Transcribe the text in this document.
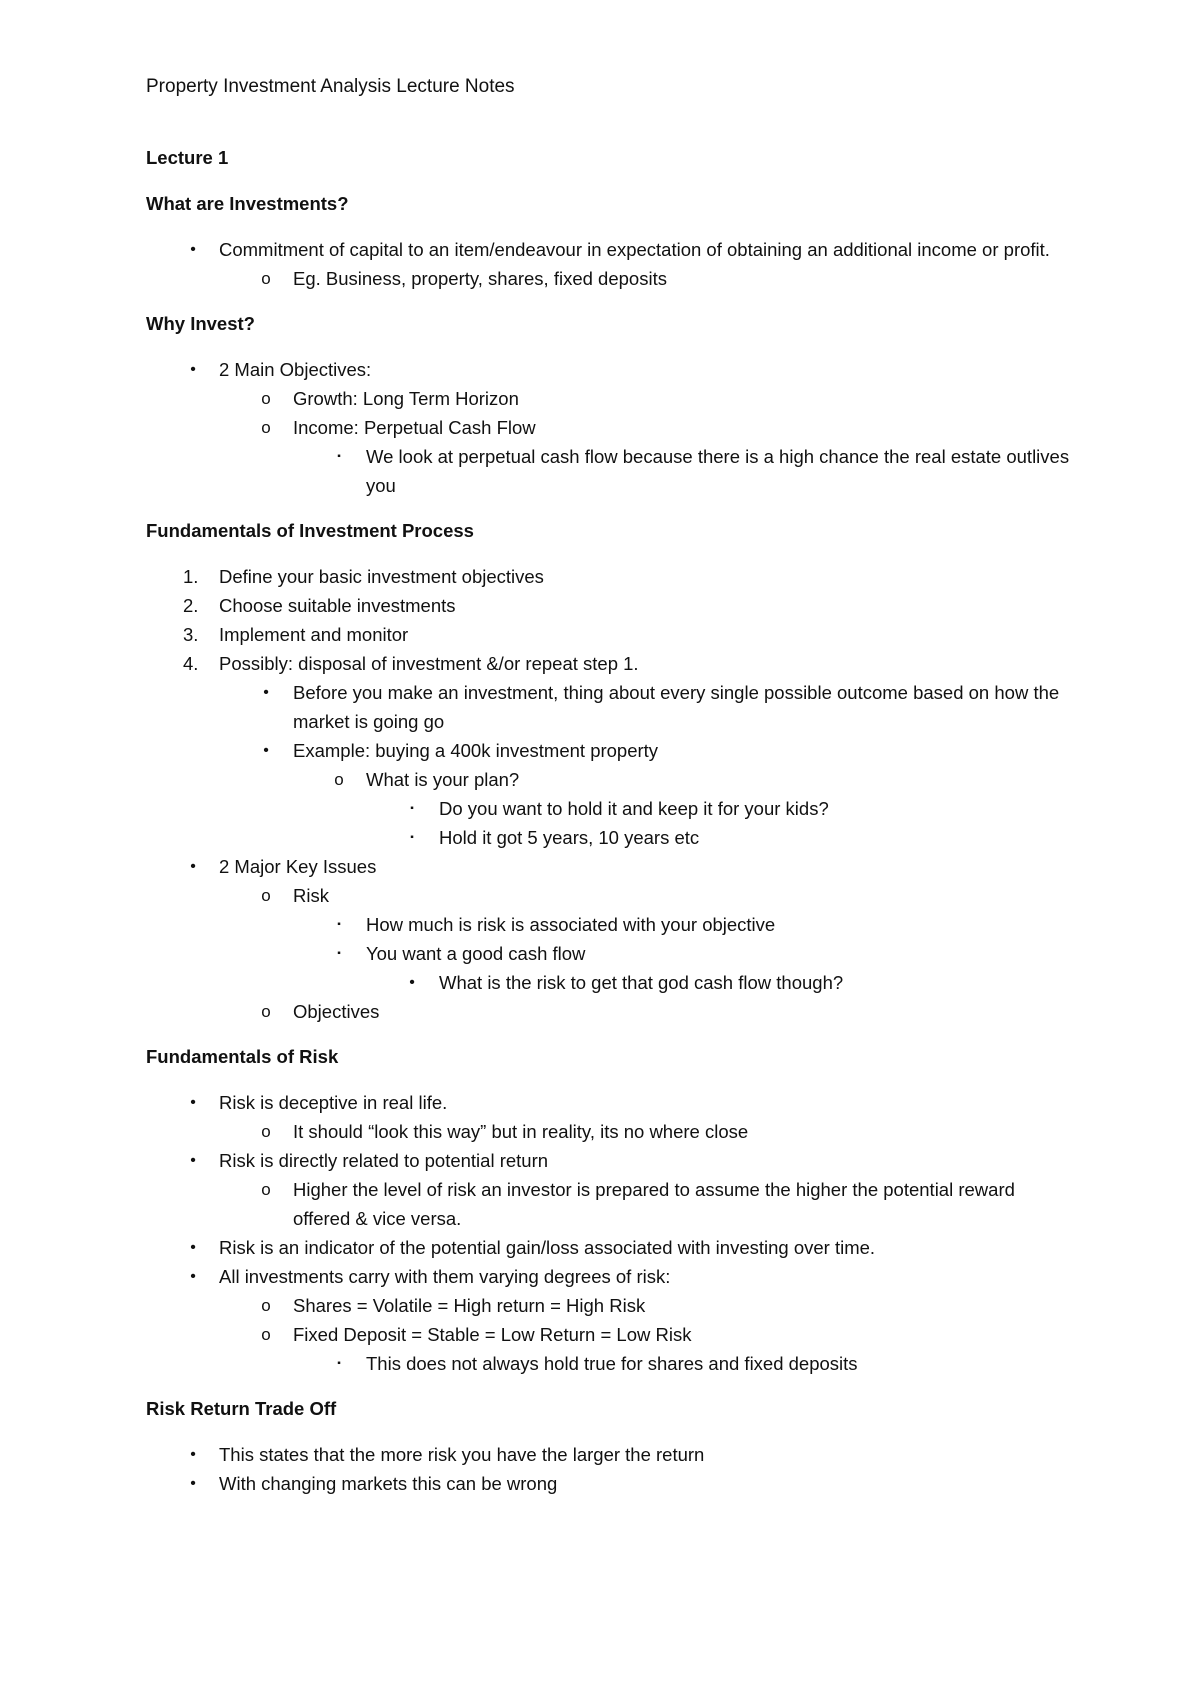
Property Investment Analysis Lecture Notes
Lecture 1
What are Investments?
•	Commitment of capital to an item/endeavour in expectation of obtaining an additional income or profit.
o Eg. Business, property, shares, fixed deposits
Why Invest?
•	2 Main Objectives:
o Growth: Long Term Horizon
o Income: Perpetual Cash Flow
▪	We look at perpetual cash flow because there is a high chance the real estate outlives you
Fundamentals of Investment Process
1.	Define your basic investment objectives
2.	Choose suitable investments
3.	Implement and monitor
4.	Possibly: disposal of investment &/or repeat step 1.
•	Before you make an investment, thing about every single possible outcome based on how the market is going go
•	Example: buying a 400k investment property
o What is your plan?
▪	Do you want to hold it and keep it for your kids?
▪	Hold it got 5 years, 10 years etc
•	2 Major Key Issues
o Risk
▪	How much is risk is associated with your objective
▪	You want a good cash flow
•	What is the risk to get that god cash flow though?
o Objectives
Fundamentals of Risk
•	Risk is deceptive in real life.
o It should “look this way” but in reality, its no where close
•	Risk is directly related to potential return
o Higher the level of risk an investor is prepared to assume the higher the potential reward offered & vice versa.
•	Risk is an indicator of the potential gain/loss associated with investing over time.
•	All investments carry with them varying degrees of risk:
o Shares = Volatile = High return = High Risk
o Fixed Deposit = Stable = Low Return = Low Risk
▪	This does not always hold true for shares and fixed deposits
Risk Return Trade Off
•	This states that the more risk you have the larger the return
•	With changing markets this can be wrong
